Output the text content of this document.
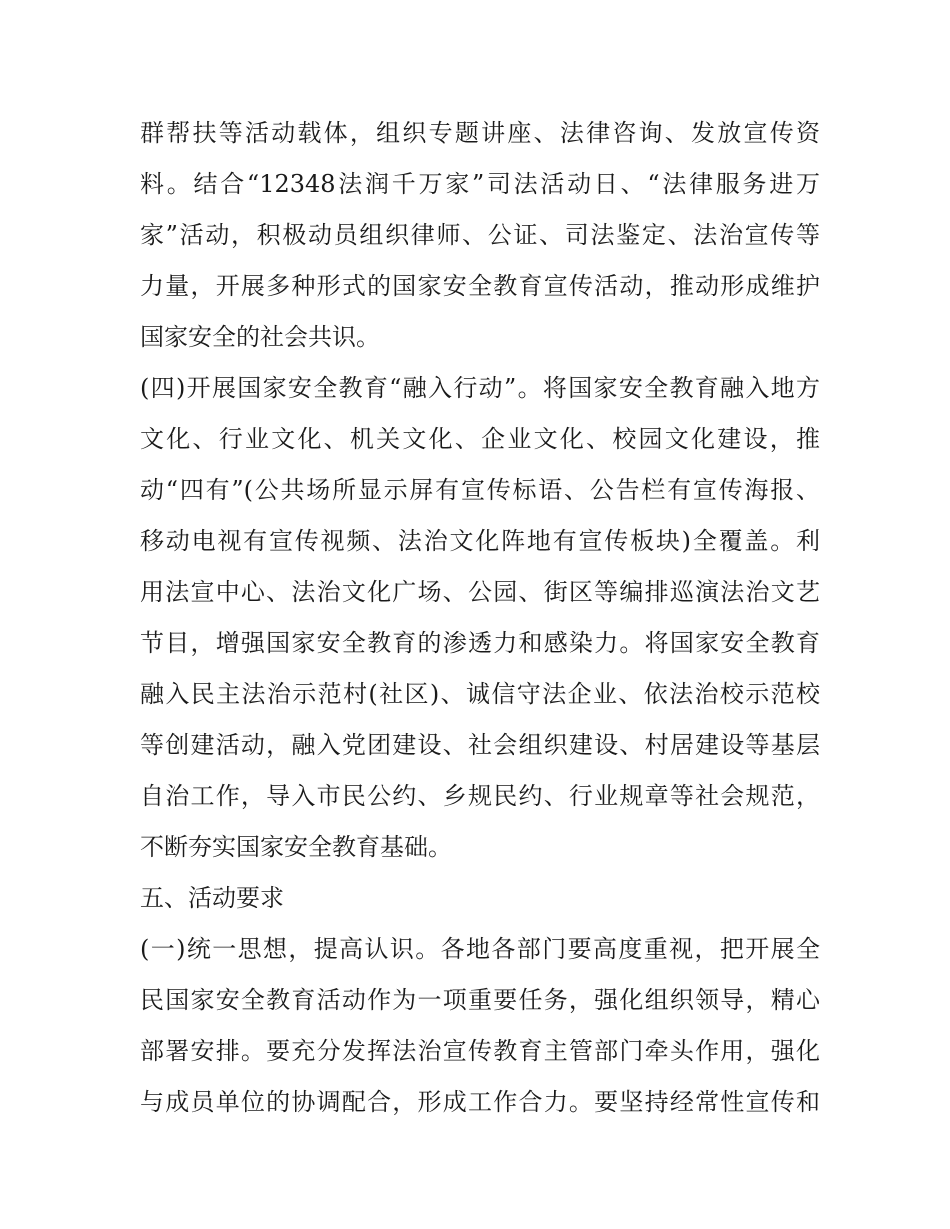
群帮扶等活动载体，组织专题讲座、法律咨询、发放宣传资
料。结合“12348法润千万家”司法活动日、“法律服务进万
家”活动，积极动员组织律师、公证、司法鉴定、法治宣传等
力量，开展多种形式的国家安全教育宣传活动，推动形成维护
国家安全的社会共识。
(四)开展国家安全教育“融入行动”。将国家安全教育融入地方
文化、行业文化、机关文化、企业文化、校园文化建设，推
动“四有”(公共场所显示屏有宣传标语、公告栏有宣传海报、
移动电视有宣传视频、法治文化阵地有宣传板块)全覆盖。利
用法宣中心、法治文化广场、公园、街区等编排巡演法治文艺
节目，增强国家安全教育的渗透力和感染力。将国家安全教育
融入民主法治示范村(社区)、诚信守法企业、依法治校示范校
等创建活动，融入党团建设、社会组织建设、村居建设等基层
自治工作，导入市民公约、乡规民约、行业规章等社会规范，
不断夯实国家安全教育基础。
五、活动要求
(一)统一思想，提高认识。各地各部门要高度重视，把开展全
民国家安全教育活动作为一项重要任务，强化组织领导，精心
部署安排。要充分发挥法治宣传教育主管部门牵头作用，强化
与成员单位的协调配合，形成工作合力。要坚持经常性宣传和
